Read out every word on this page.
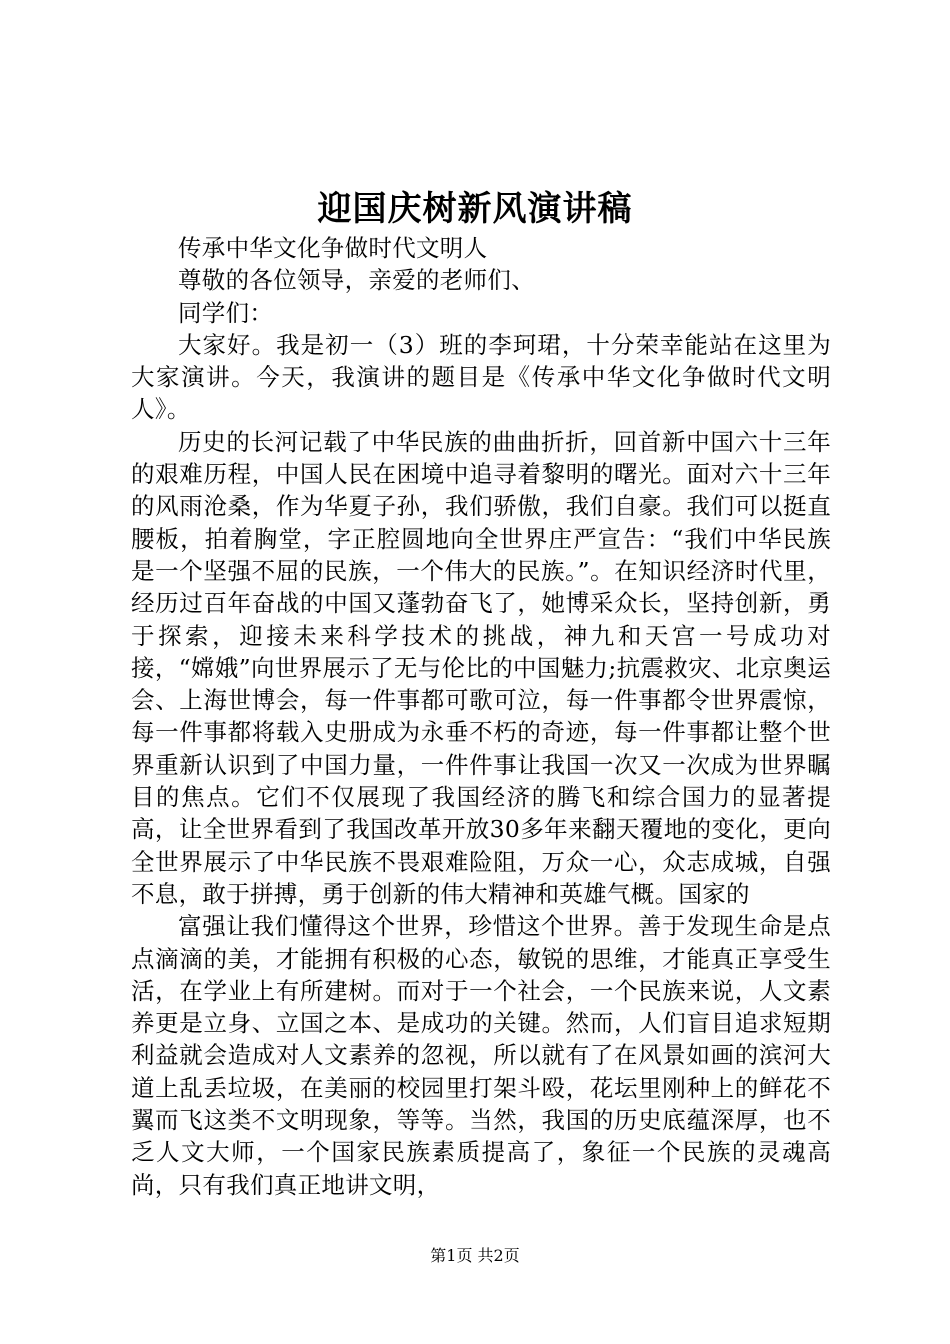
迎国庆树新风演讲稿

传承中华文化争做时代文明人

尊敬的各位领导，亲爱的老师们、

同学们：

大家好。我是初一（3）班的李珂珺，十分荣幸能站在这里为大家演讲。今天，我演讲的题目是《传承中华文化争做时代文明人》。

历史的长河记载了中华民族的曲曲折折，回首新中国六十三年的艰难历程，中国人民在困境中追寻着黎明的曙光。面对六十三年的风雨沧桑，作为华夏子孙，我们骄傲，我们自豪。我们可以挺直腰板，拍着胸堂，字正腔圆地向全世界庄严宣告：“我们中华民族是一个坚强不屈的民族，一个伟大的民族。”。在知识经济时代里，经历过百年奋战的中国又蓬勃奋飞了，她博采众长，坚持创新，勇于探索，迎接未来科学技术的挑战，神九和天宫一号成功对接，“嫦娥”向世界展示了无与伦比的中国魅力;抗震救灾、北京奥运会、上海世博会，每一件事都可歌可泣，每一件事都令世界震惊，每一件事都将载入史册成为永垂不朽的奇迹，每一件事都让整个世界重新认识到了中国力量，一件件事让我国一次又一次成为世界瞩目的焦点。它们不仅展现了我国经济的腾飞和综合国力的显著提高，让全世界看到了我国改革开放30多年来翻天覆地的变化，更向全世界展示了中华民族不畏艰难险阻，万众一心，众志成城，自强不息，敢于拼搏，勇于创新的伟大精神和英雄气概。国家的

富强让我们懂得这个世界，珍惜这个世界。善于发现生命是点点滴滴的美，才能拥有积极的心态，敏锐的思维，才能真正享受生活，在学业上有所建树。而对于一个社会，一个民族来说，人文素养更是立身、立国之本、是成功的关键。然而，人们盲目追求短期利益就会造成对人文素养的忽视，所以就有了在风景如画的滨河大道上乱丢垃圾，在美丽的校园里打架斗殴，花坛里刚种上的鲜花不翼而飞这类不文明现象，等等。当然，我国的历史底蕴深厚，也不乏人文大师，一个国家民族素质提高了，象征一个民族的灵魂高尚，只有我们真正地讲文明，

第1页 共2页
